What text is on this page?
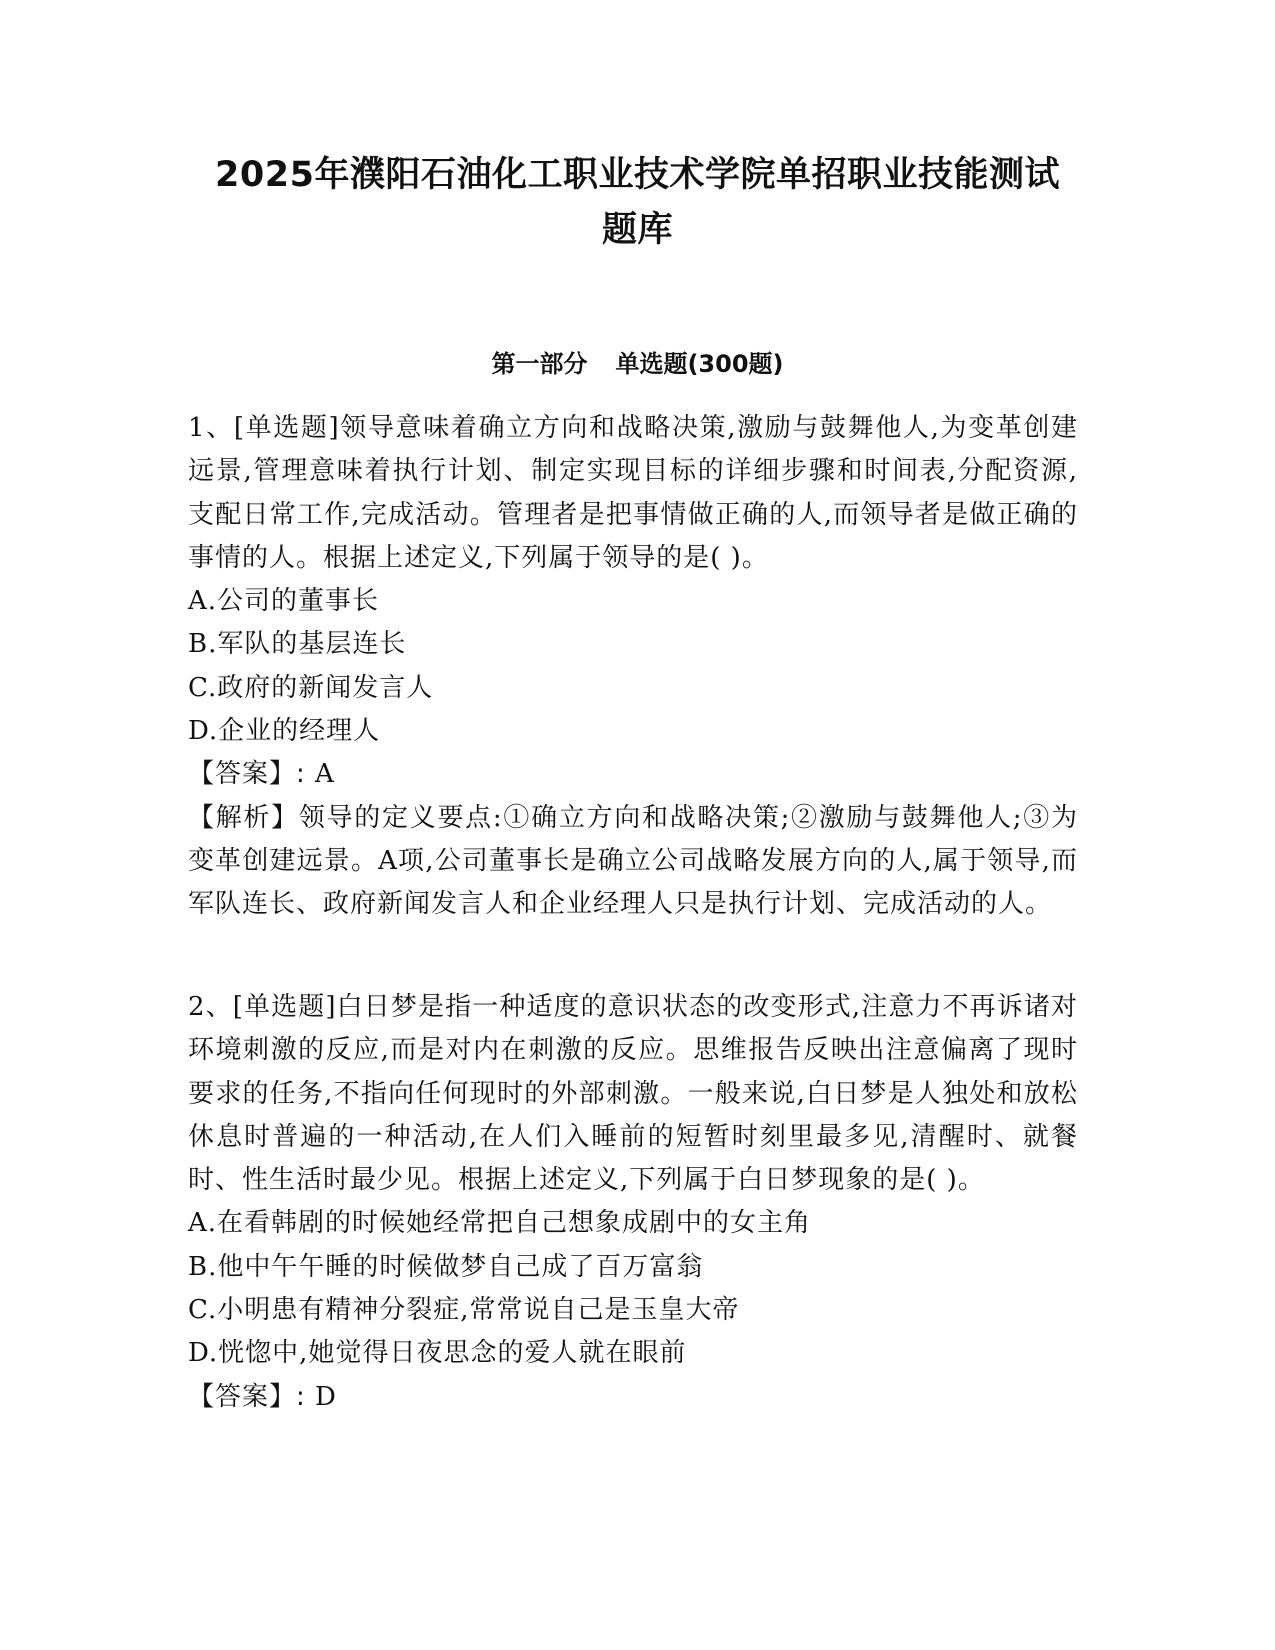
2025年濮阳石油化工职业技术学院单招职业技能测试
题库
第一部分 单选题(300题)

1、[单选题]领导意味着确立方向和战略决策,激励与鼓舞他人,为变革创建远景,管理意味着执行计划、制定实现目标的详细步骤和时间表,分配资源,支配日常工作,完成活动。管理者是把事情做正确的人,而领导者是做正确的事情的人。根据上述定义,下列属于领导的是( )。

A.公司的董事长

B.军队的基层连长

C.政府的新闻发言人

D.企业的经理人

【答案】: A

【解析】领导的定义要点:①确立方向和战略决策;②激励与鼓舞他人;③为变革创建远景。A项,公司董事长是确立公司战略发展方向的人,属于领导,而军队连长、政府新闻发言人和企业经理人只是执行计划、完成活动的人。

2、[单选题]白日梦是指一种适度的意识状态的改变形式,注意力不再诉诸对环境刺激的反应,而是对内在刺激的反应。思维报告反映出注意偏离了现时要求的任务,不指向任何现时的外部刺激。一般来说,白日梦是人独处和放松休息时普遍的一种活动,在人们入睡前的短暂时刻里最多见,清醒时、就餐时、性生活时最少见。根据上述定义,下列属于白日梦现象的是( )。

A.在看韩剧的时候她经常把自己想象成剧中的女主角

B.他中午午睡的时候做梦自己成了百万富翁

C.小明患有精神分裂症,常常说自己是玉皇大帝

D.恍惚中,她觉得日夜思念的爱人就在眼前

【答案】: D
